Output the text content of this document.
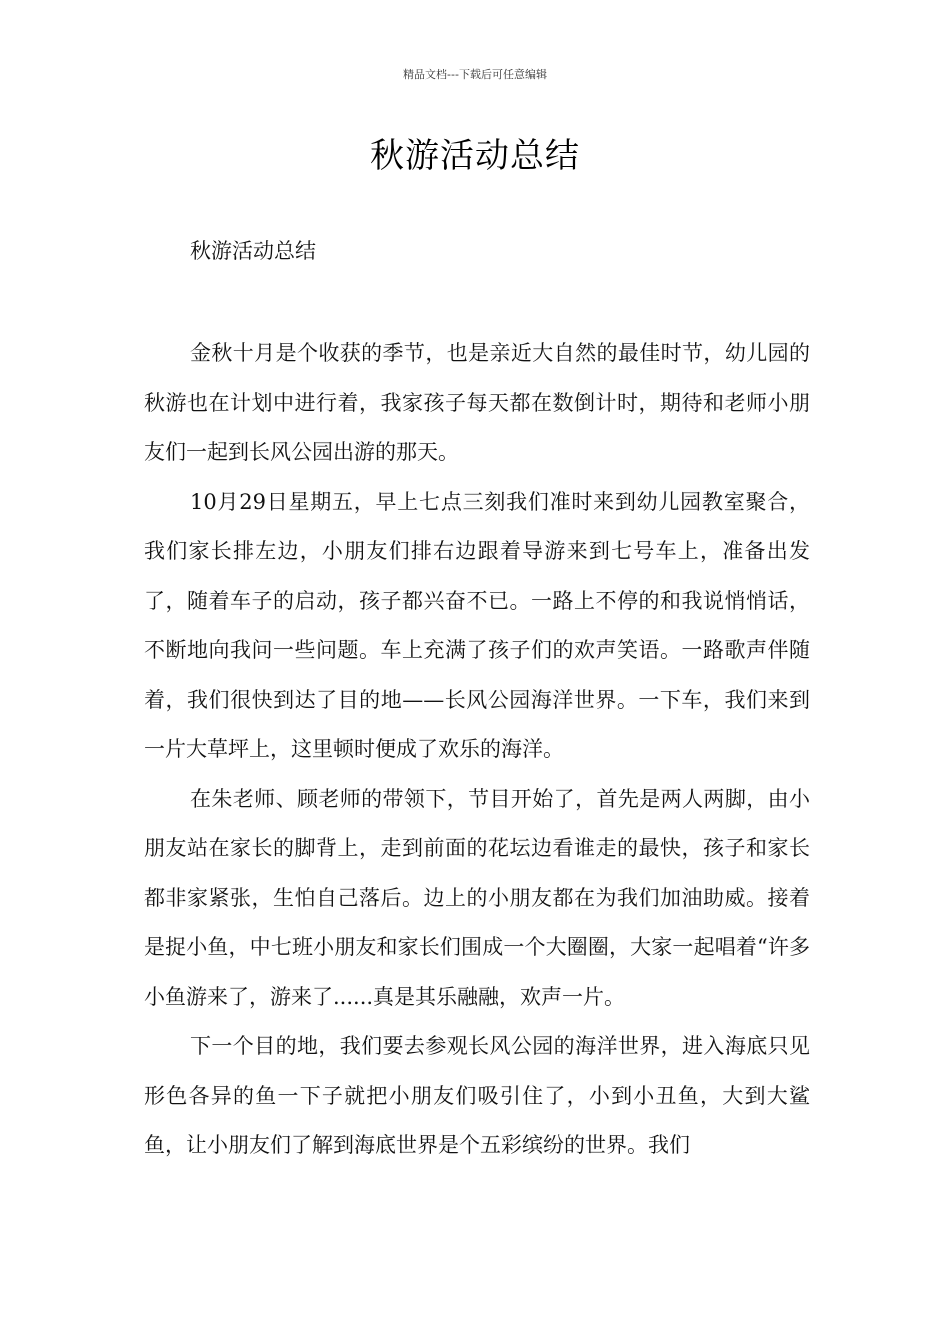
精品文档---下载后可任意编辑
秋游活动总结
秋游活动总结

金秋十月是个收获的季节，也是亲近大自然的最佳时节，幼儿园的秋游也在计划中进行着，我家孩子每天都在数倒计时，期待和老师小朋友们一起到长风公园出游的那天。

10月29日星期五，早上七点三刻我们准时来到幼儿园教室聚合，我们家长排左边，小朋友们排右边跟着导游来到七号车上，准备出发了，随着车子的启动，孩子都兴奋不已。一路上不停的和我说悄悄话，不断地向我问一些问题。车上充满了孩子们的欢声笑语。一路歌声伴随着，我们很快到达了目的地——长风公园海洋世界。一下车，我们来到一片大草坪上，这里顿时便成了欢乐的海洋。

在朱老师、顾老师的带领下，节目开始了，首先是两人两脚，由小朋友站在家长的脚背上，走到前面的花坛边看谁走的最快，孩子和家长都非家紧张，生怕自己落后。边上的小朋友都在为我们加油助威。接着是捉小鱼，中七班小朋友和家长们围成一个大圈圈，大家一起唱着“许多小鱼游来了，游来了......真是其乐融融，欢声一片。

下一个目的地，我们要去参观长风公园的海洋世界，进入海底只见形色各异的鱼一下子就把小朋友们吸引住了，小到小丑鱼，大到大鲨鱼，让小朋友们了解到海底世界是个五彩缤纷的世界。我们
